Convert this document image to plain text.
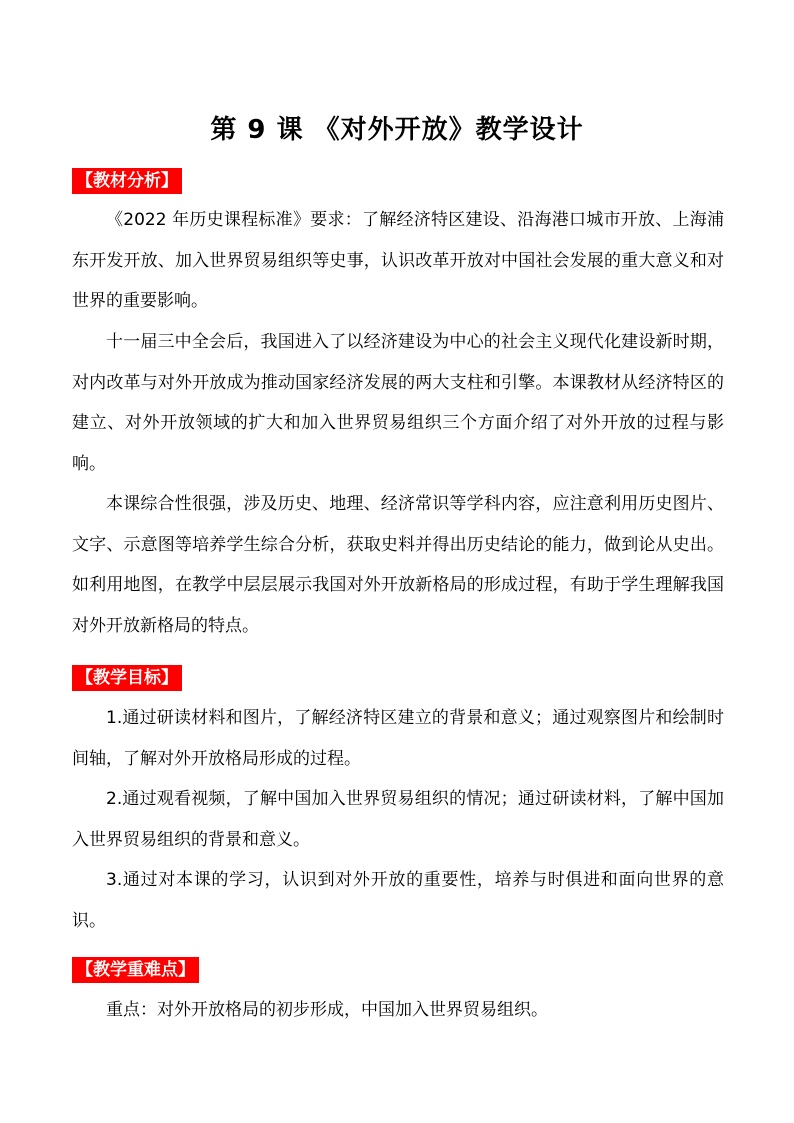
第 9 课 《对外开放》教学设计
【教材分析】
《2022 年历史课程标准》要求：了解经济特区建设、沿海港口城市开放、上海浦东开发开放、加入世界贸易组织等史事，认识改革开放对中国社会发展的重大意义和对世界的重要影响。
十一届三中全会后，我国进入了以经济建设为中心的社会主义现代化建设新时期，对内改革与对外开放成为推动国家经济发展的两大支柱和引擎。本课教材从经济特区的建立、对外开放领域的扩大和加入世界贸易组织三个方面介绍了对外开放的过程与影响。
本课综合性很强，涉及历史、地理、经济常识等学科内容，应注意利用历史图片、文字、示意图等培养学生综合分析，获取史料并得出历史结论的能力，做到论从史出。如利用地图，在教学中层层展示我国对外开放新格局的形成过程，有助于学生理解我国对外开放新格局的特点。
【教学目标】
1.通过研读材料和图片，了解经济特区建立的背景和意义；通过观察图片和绘制时间轴，了解对外开放格局形成的过程。
2.通过观看视频，了解中国加入世界贸易组织的情况；通过研读材料，了解中国加入世界贸易组织的背景和意义。
3.通过对本课的学习，认识到对外开放的重要性，培养与时俱进和面向世界的意识。
【教学重难点】
重点：对外开放格局的初步形成，中国加入世界贸易组织。
